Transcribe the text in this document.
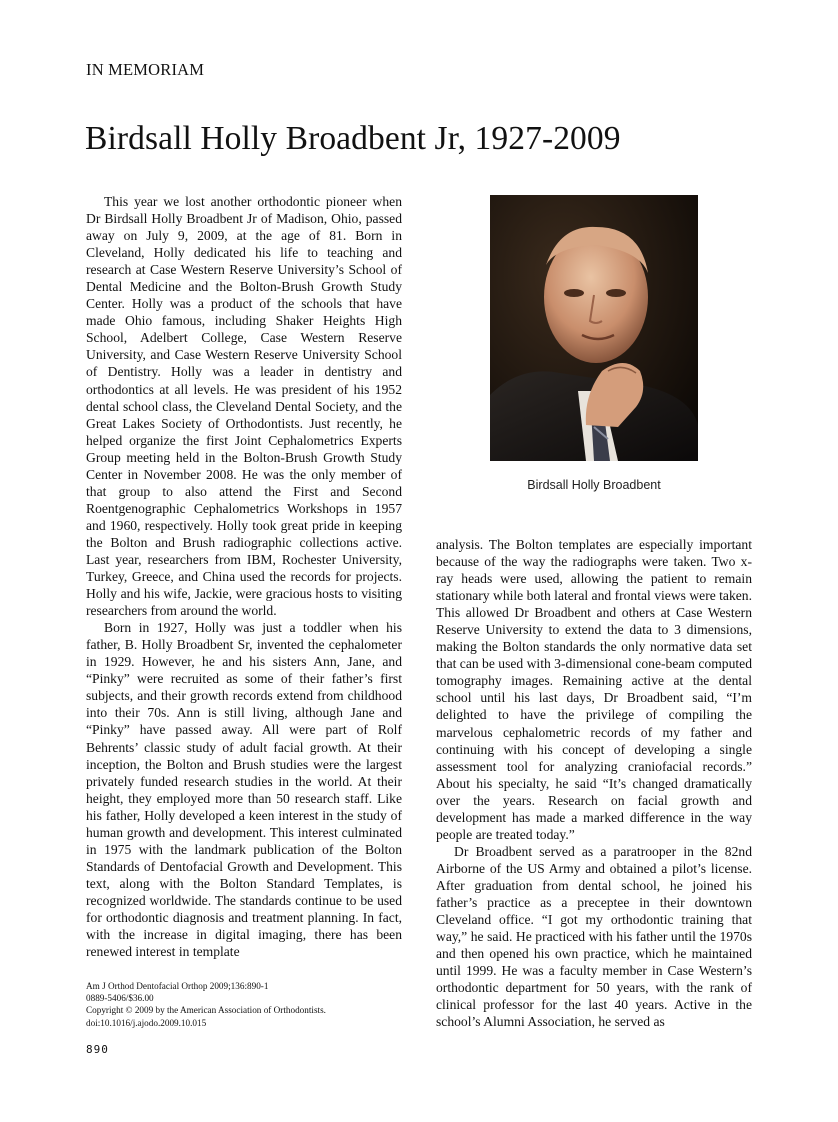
IN MEMORIAM
Birdsall Holly Broadbent Jr, 1927-2009

This year we lost another orthodontic pioneer when Dr Birdsall Holly Broadbent Jr of Madison, Ohio, passed away on July 9, 2009, at the age of 81. Born in Cleveland, Holly dedicated his life to teaching and research at Case Western Reserve University’s School of Dental Medicine and the Bolton-Brush Growth Study Center. Holly was a product of the schools that have made Ohio famous, including Shaker Heights High School, Adelbert College, Case Western Reserve University, and Case Western Reserve University School of Dentistry. Holly was a leader in dentistry and orthodontics at all levels. He was president of his 1952 dental school class, the Cleveland Dental Society, and the Great Lakes Society of Orthodontists. Just recently, he helped organize the first Joint Cephalometrics Experts Group meeting held in the Bolton-Brush Growth Study Center in November 2008. He was the only member of that group to also attend the First and Second Roentgenographic Cephalometrics Workshops in 1957 and 1960, respectively. Holly took great pride in keeping the Bolton and Brush radiographic collections active. Last year, researchers from IBM, Rochester University, Turkey, Greece, and China used the records for projects. Holly and his wife, Jackie, were gracious hosts to visiting researchers from around the world.

Born in 1927, Holly was just a toddler when his father, B. Holly Broadbent Sr, invented the cephalometer in 1929. However, he and his sisters Ann, Jane, and “Pinky” were recruited as some of their father’s first subjects, and their growth records extend from childhood into their 70s. Ann is still living, although Jane and “Pinky” have passed away. All were part of Rolf Behrents’ classic study of adult facial growth. At their inception, the Bolton and Brush studies were the largest privately funded research studies in the world. At their height, they employed more than 50 research staff. Like his father, Holly developed a keen interest in the study of human growth and development. This interest culminated in 1975 with the landmark publication of the Bolton Standards of Dentofacial Growth and Development. This text, along with the Bolton Standard Templates, is recognized worldwide. The standards continue to be used for orthodontic diagnosis and treatment planning. In fact, with the increase in digital imaging, there has been renewed interest in template

Birdsall Holly Broadbent

analysis. The Bolton templates are especially important because of the way the radiographs were taken. Two x-ray heads were used, allowing the patient to remain stationary while both lateral and frontal views were taken. This allowed Dr Broadbent and others at Case Western Reserve University to extend the data to 3 dimensions, making the Bolton standards the only normative data set that can be used with 3-dimensional cone-beam computed tomography images. Remaining active at the dental school until his last days, Dr Broadbent said, “I’m delighted to have the privilege of compiling the marvelous cephalometric records of my father and continuing with his concept of developing a single assessment tool for analyzing craniofacial records.” About his specialty, he said “It’s changed dramatically over the years. Research on facial growth and development has made a marked difference in the way people are treated today.”

Dr Broadbent served as a paratrooper in the 82nd Airborne of the US Army and obtained a pilot’s license. After graduation from dental school, he joined his father’s practice as a preceptee in their downtown Cleveland office. “I got my orthodontic training that way,” he said. He practiced with his father until the 1970s and then opened his own practice, which he maintained until 1999. He was a faculty member in Case Western’s orthodontic department for 50 years, with the rank of clinical professor for the last 40 years. Active in the school’s Alumni Association, he served as

Am J Orthod Dentofacial Orthop 2009;136:890-1
0889-5406/$36.00
Copyright © 2009 by the American Association of Orthodontists.
doi:10.1016/j.ajodo.2009.10.015
890
